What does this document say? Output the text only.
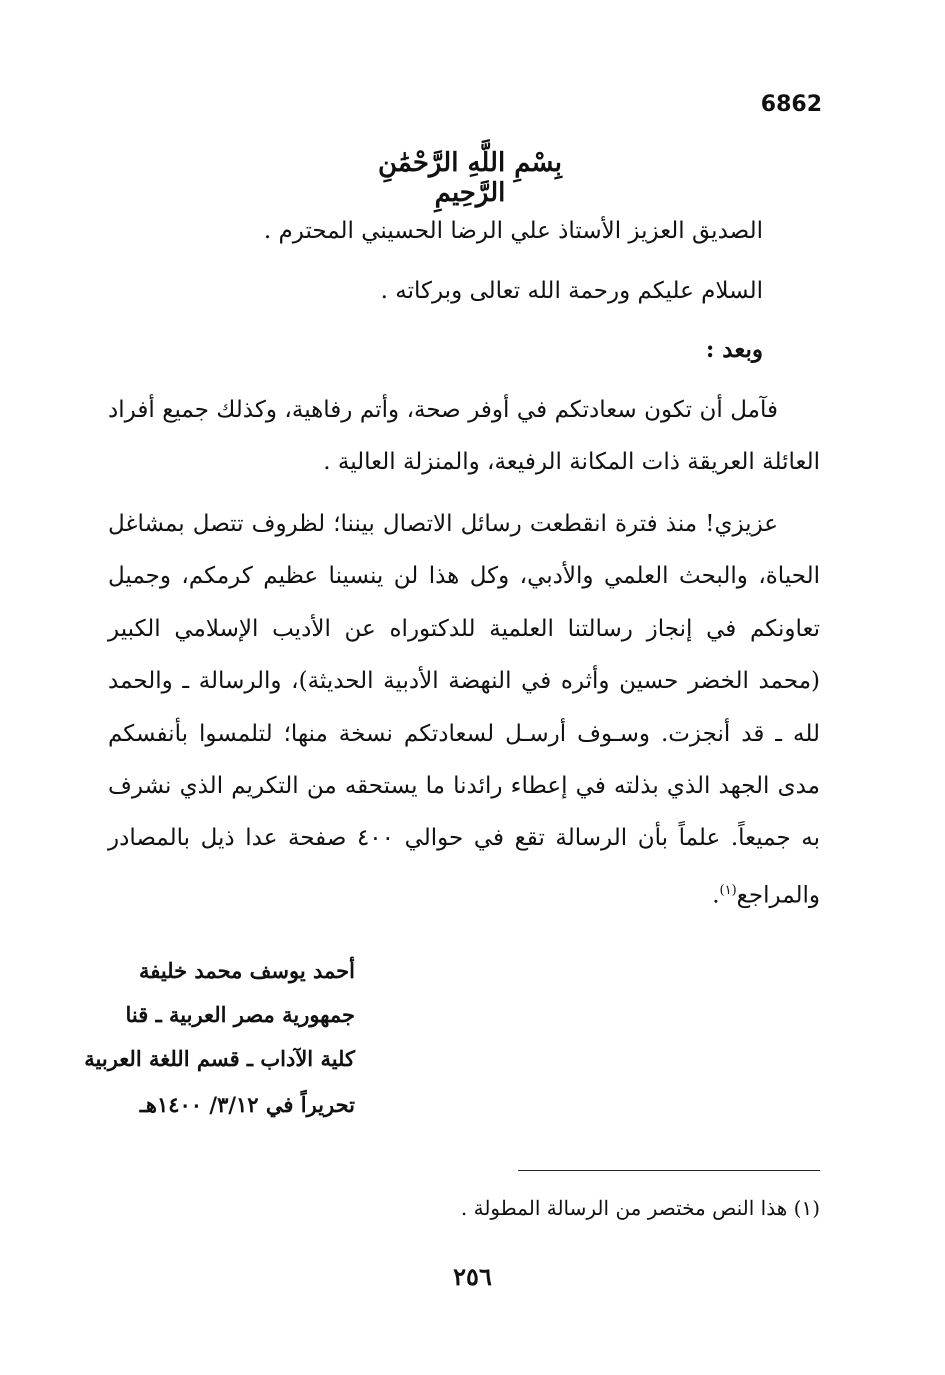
6862
بِسْمِ اللَّهِ الرَّحْمَٰنِ الرَّحِيمِ
الصديق العزيز الأستاذ علي الرضا الحسيني المحترم .
السلام عليكم ورحمة الله تعالى وبركاته .
وبعد :
فآمل أن تكون سعادتكم في أوفر صحة، وأتم رفاهية، وكذلك جميع أفراد العائلة العريقة ذات المكانة الرفيعة، والمنزلة العالية .
عزيزي! منذ فترة انقطعت رسائل الاتصال بيننا؛ لظروف تتصل بمشاغل الحياة، والبحث العلمي والأدبي، وكل هذا لن ينسينا عظيم كرمكم، وجميل تعاونكم في إنجاز رسالتنا العلمية للدكتوراه عن الأديب الإسلامي الكبير (محمد الخضر حسين وأثره في النهضة الأدبية الحديثة)، والرسالة ـ والحمد لله ـ قد أنجزت. وسـوف أرسـل لسعادتكم نسخة منها؛ لتلمسوا بأنفسكم مدى الجهد الذي بذلته في إعطاء رائدنا ما يستحقه من التكريم الذي نشرف به جميعاً. علماً بأن الرسالة تقع في حوالي ٤٠٠ صفحة عدا ذيل بالمصادر والمراجع$^{(١)}$.
أحمد يوسف محمد خليفة
جمهورية مصر العربية ـ قنا
كلية الآداب ـ قسم اللغة العربية
تحريراً في ٣/١٢/ ١٤٠٠هـ
(١) هذا النص مختصر من الرسالة المطولة .
٢٥٦
